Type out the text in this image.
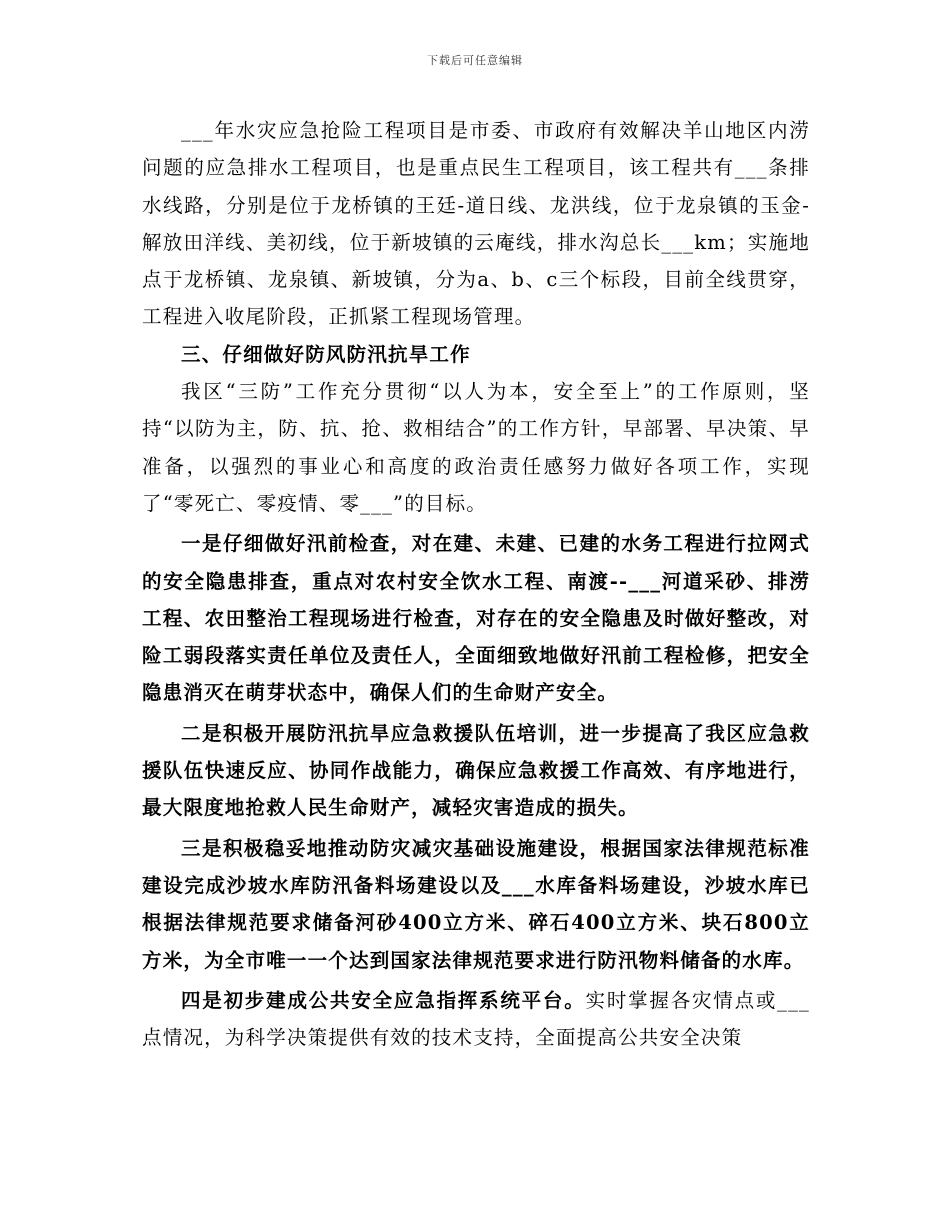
下载后可任意编辑

___年水灾应急抢险工程项目是市委、市政府有效解决羊山地区内涝问题的应急排水工程项目，也是重点民生工程项目，该工程共有___条排水线路，分别是位于龙桥镇的王廷-道日线、龙洪线，位于龙泉镇的玉金-解放田洋线、美初线，位于新坡镇的云庵线，排水沟总长___km；实施地点于龙桥镇、龙泉镇、新坡镇，分为a、b、c三个标段，目前全线贯穿，工程进入收尾阶段，正抓紧工程现场管理。

三、仔细做好防风防汛抗旱工作

我区“三防”工作充分贯彻“以人为本，安全至上”的工作原则，坚持“以防为主，防、抗、抢、救相结合”的工作方针，早部署、早决策、早准备，以强烈的事业心和高度的政治责任感努力做好各项工作，实现了“零死亡、零疫情、零___”的目标。

一是仔细做好汛前检查，对在建、未建、已建的水务工程进行拉网式的安全隐患排查，重点对农村安全饮水工程、南渡--___河道采砂、排涝工程、农田整治工程现场进行检查，对存在的安全隐患及时做好整改，对险工弱段落实责任单位及责任人，全面细致地做好汛前工程检修，把安全隐患消灭在萌芽状态中，确保人们的生命财产安全。

二是积极开展防汛抗旱应急救援队伍培训，进一步提高了我区应急救援队伍快速反应、协同作战能力，确保应急救援工作高效、有序地进行，最大限度地抢救人民生命财产，减轻灾害造成的损失。

三是积极稳妥地推动防灾减灾基础设施建设，根据国家法律规范标准建设完成沙坡水库防汛备料场建设以及___水库备料场建设，沙坡水库已根据法律规范要求储备河砂400立方米、碎石400立方米、块石800立方米，为全市唯一一个达到国家法律规范要求进行防汛物料储备的水库。

四是初步建成公共安全应急指挥系统平台。实时掌握各灾情点或___点情况，为科学决策提供有效的技术支持，全面提高公共安全决策
